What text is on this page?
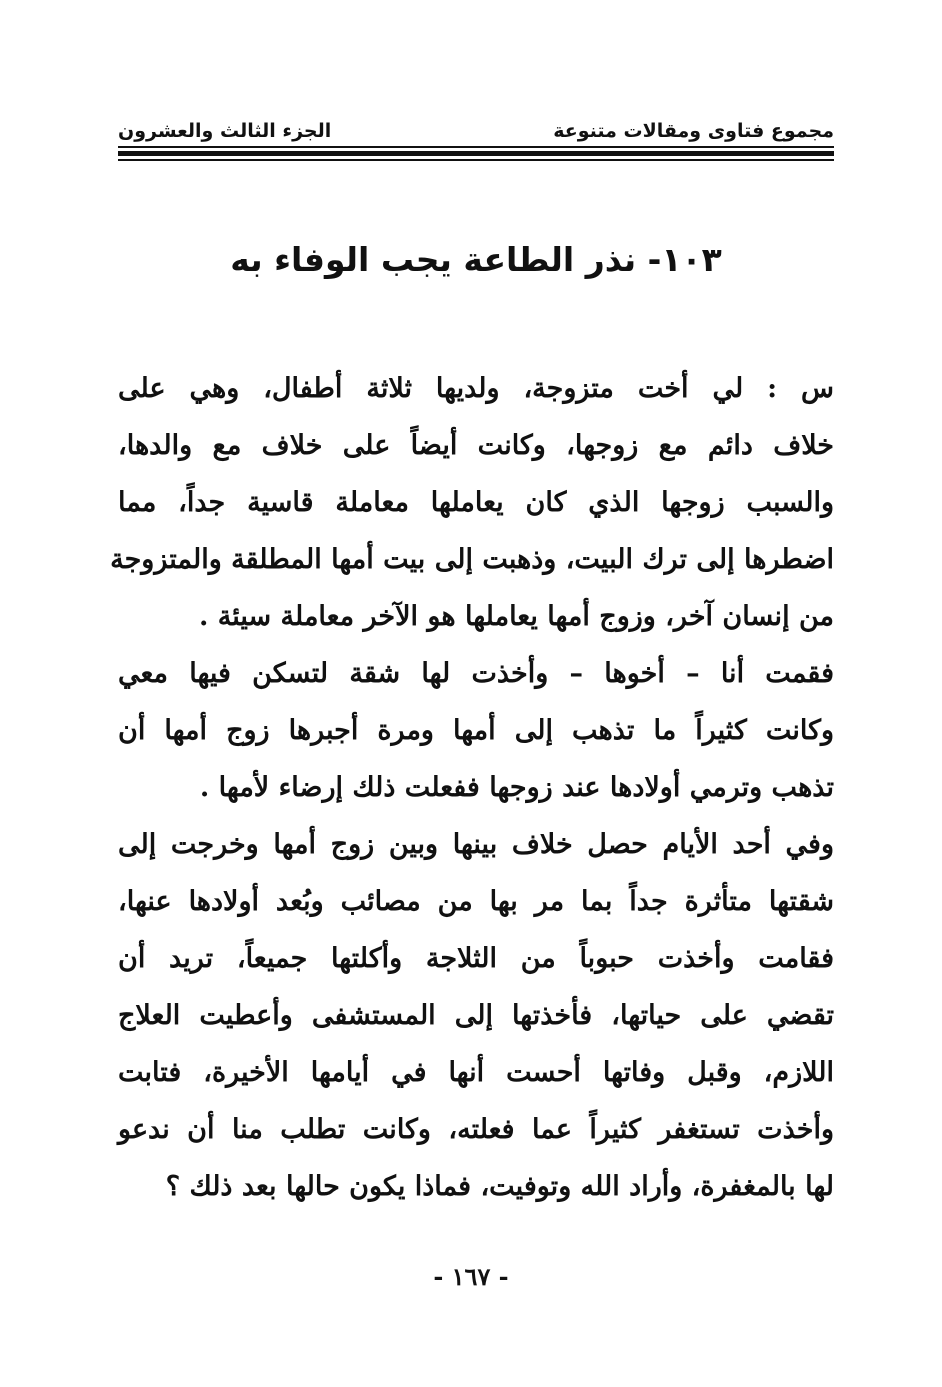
مجموع فتاوى ومقالات متنوعة
الجزء الثالث والعشرون
١٠٣- نذر الطاعة يجب الوفاء به
س : لي أخت متزوجة، ولديها ثلاثة أطفال، وهي على
خلاف دائم مع زوجها، وكانت أيضاً على خلاف مع والدها،
والسبب زوجها الذي كان يعاملها معاملة قاسية جداً، مما
اضطرها إلى ترك البيت، وذهبت إلى بيت أمها المطلقة والمتزوجة
من إنسان آخر، وزوج أمها يعاملها هو الآخر معاملة سيئة .
فقمت أنا – أخوها – وأخذت لها شقة لتسكن فيها معي
وكانت كثيراً ما تذهب إلى أمها ومرة أجبرها زوج أمها أن
تذهب وترمي أولادها عند زوجها ففعلت ذلك إرضاء لأمها .
وفي أحد الأيام حصل خلاف بينها وبين زوج أمها وخرجت إلى
شقتها متأثرة جداً بما مر بها من مصائب وبُعد أولادها عنها،
فقامت وأخذت حبوباً من الثلاجة وأكلتها جميعاً، تريد أن
تقضي على حياتها، فأخذتها إلى المستشفى وأعطيت العلاج
اللازم، وقبل وفاتها أحست أنها في أيامها الأخيرة، فتابت
وأخذت تستغفر كثيراً عما فعلته، وكانت تطلب منا أن ندعو
لها بالمغفرة، وأراد الله وتوفيت، فماذا يكون حالها بعد ذلك ؟
- ١٦٧ -
